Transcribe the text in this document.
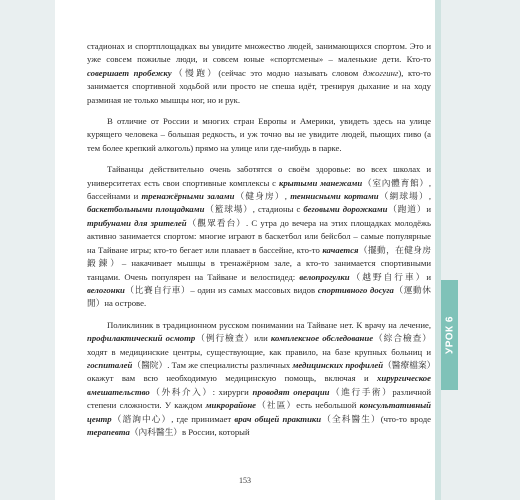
стадионах и спортплощадках вы увидите множество людей, занимающихся спортом. Это и уже совсем пожилые люди, и совсем юные «спортсмены» – маленькие дети. Кто-то совершает пробежку（慢跑）(сейчас это модно называть словом джоггинг), кто-то занимается спортивной ходьбой или просто не спеша идёт, тренируя дыхание и на ходу разминая не только мышцы ног, но и рук.

В отличие от России и многих стран Европы и Америки, увидеть здесь на улице курящего человека – большая редкость, и уж точно вы не увидите людей, пьющих пиво (а тем более крепкий алкоголь) прямо на улице или где-нибудь в парке.

Тайванцы действительно очень заботятся о своём здоровье: во всех школах и университетах есть свои спортивные комплексы с крытыми манежами（室內體育館）, бассейнами и тренажёрными залами（健身房）, теннисными кортами（網球場）, баскетбольными площадками（籃球場）, стадионы с беговыми дорожками（跑道）и трибунами для зрителей（觀眾看台）. С утра до вечера на этих площадках молодёжь активно занимается спортом: многие играют в баскетбол или бейсбол – самые популярные на Тайване игры; кто-то бегает или плавает в бассейне, кто-то качается（擺動，在健身房鍛鍊）– накачивает мышцы в тренажёрном зале, а кто-то занимается спортивными танцами. Очень популярен на Тайване и велоспидед: велопрогулки（越野自行車）и велогонки（比賽自行車）– один из самых массовых видов спортивного досуга（運動休閒）на острове.

Поликлиник в традиционном русском понимании на Тайване нет. К врачу на лечение, профилактический осмотр（例行檢查）или комплексное обследование（綜合檢查）ходят в медицинские центры, существующие, как правило, на базе крупных больниц и госпиталей（醫院）. Там же специалисты различных медицинских профилей（醫療檔案）окажут вам всю необходимую медицинскую помощь, включая и хирургическое вмешательство（外科介入）: хирурги проводят операции（進行手術）различной степени сложности. У каждом микрорайоне（社區）есть небольшой консультативный центр（諮詢中心）, где принимает врач общей практики（全科醫生）(что-то вроде терапевта（內科醫生）в России, который

153
УРОК 6
